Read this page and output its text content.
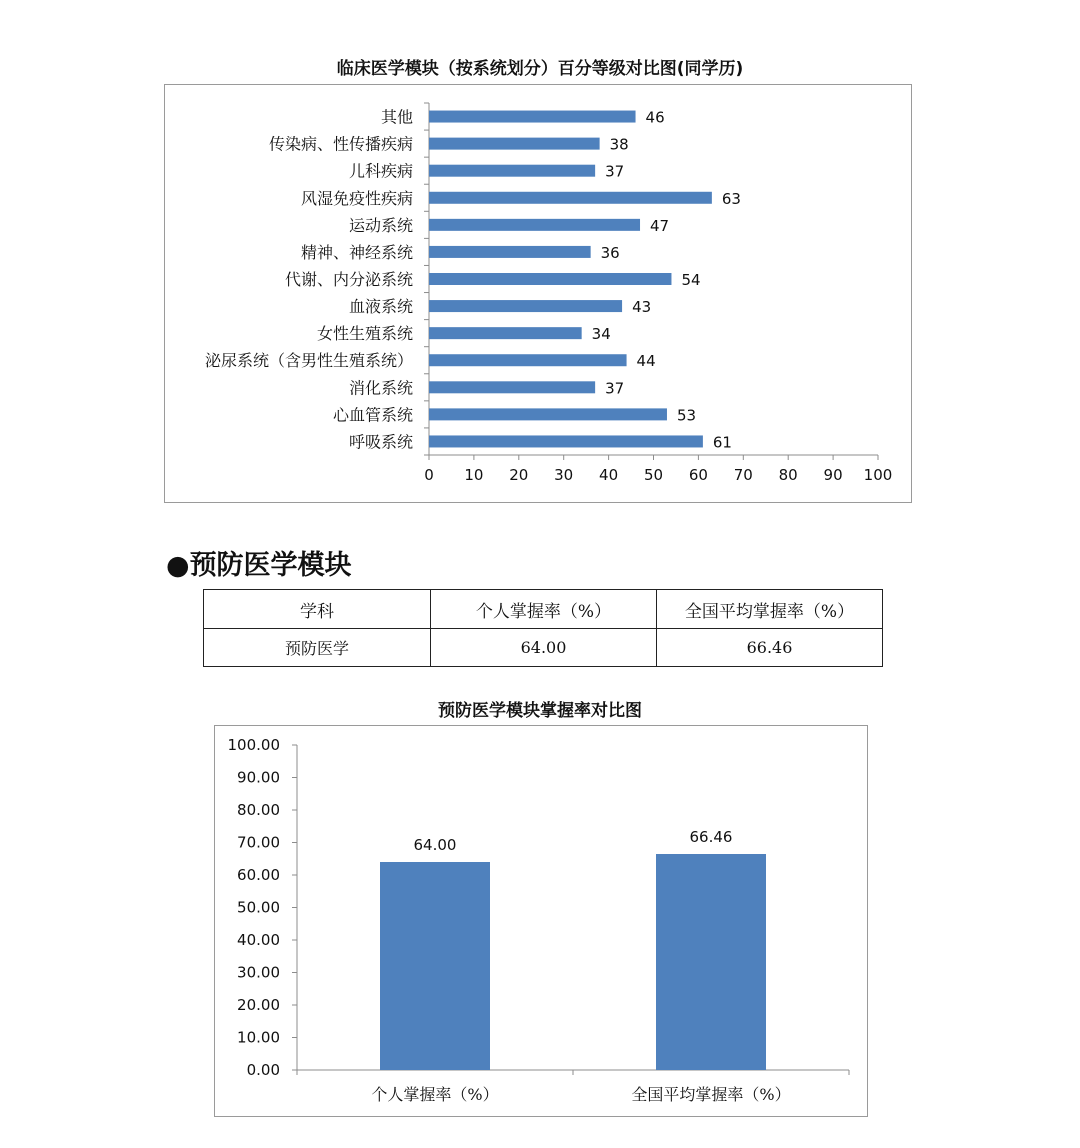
临床医学模块（按系统划分）百分等级对比图(同学历)
0 10 20 30 40 50 60 70 80 90 100
其他	46
传染病、性传播疾病	38
儿科疾病	37
风湿免疫性疾病	63
运动系统	47
精神、神经系统	36
代谢、内分泌系统	54
血液系统	43
女性生殖系统	34
泌尿系统（含男性生殖系统）	44
消化系统	37
心血管系统	53
呼吸系统	61
●预防医学模块
学科	个人掌握率（%）	全国平均掌握率（%）
预防医学	64.00	66.46
预防医学模块掌握率对比图
0.00
10.00
20.00
30.00
40.00
50.00
60.00
70.00
80.00
90.00
100.00
64.00
个人掌握率（%）
66.46
全国平均掌握率（%）
